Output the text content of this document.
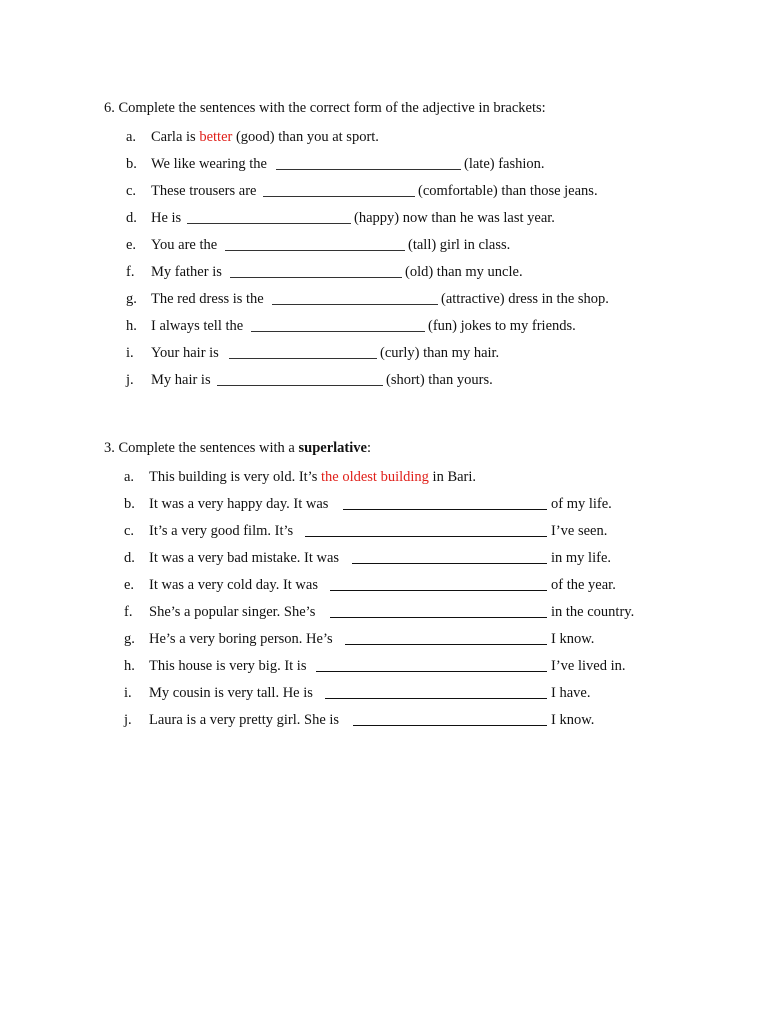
6. Complete the sentences with the correct form of the adjective in brackets:
a. Carla is better (good) than you at sport.
b. We like wearing the	(late) fashion.
c. These trousers are	(comfortable) than those jeans.
d. He is	(happy) now than he was last year.
e. You are the	(tall) girl in class.
f. My father is	(old) than my uncle.
g. The red dress is the	(attractive) dress in the shop.
h. I always tell the	(fun) jokes to my friends.
i. Your hair is	(curly) than my hair.
j. My hair is	(short) than yours.
3. Complete the sentences with a superlative:
a. This building is very old. It’s the oldest building in Bari.
b. It was a very happy day. It was	of my life.
c. It’s a very good film. It’s	I’ve seen.
d. It was a very bad mistake. It was	in my life.
e. It was a very cold day. It was	of the year.
f. She’s a popular singer. She’s	in the country.
g. He’s a very boring person. He’s	I know.
h. This house is very big. It is	I’ve lived in.
i. My cousin is very tall. He is	I have.
j. Laura is a very pretty girl. She is	I know.
